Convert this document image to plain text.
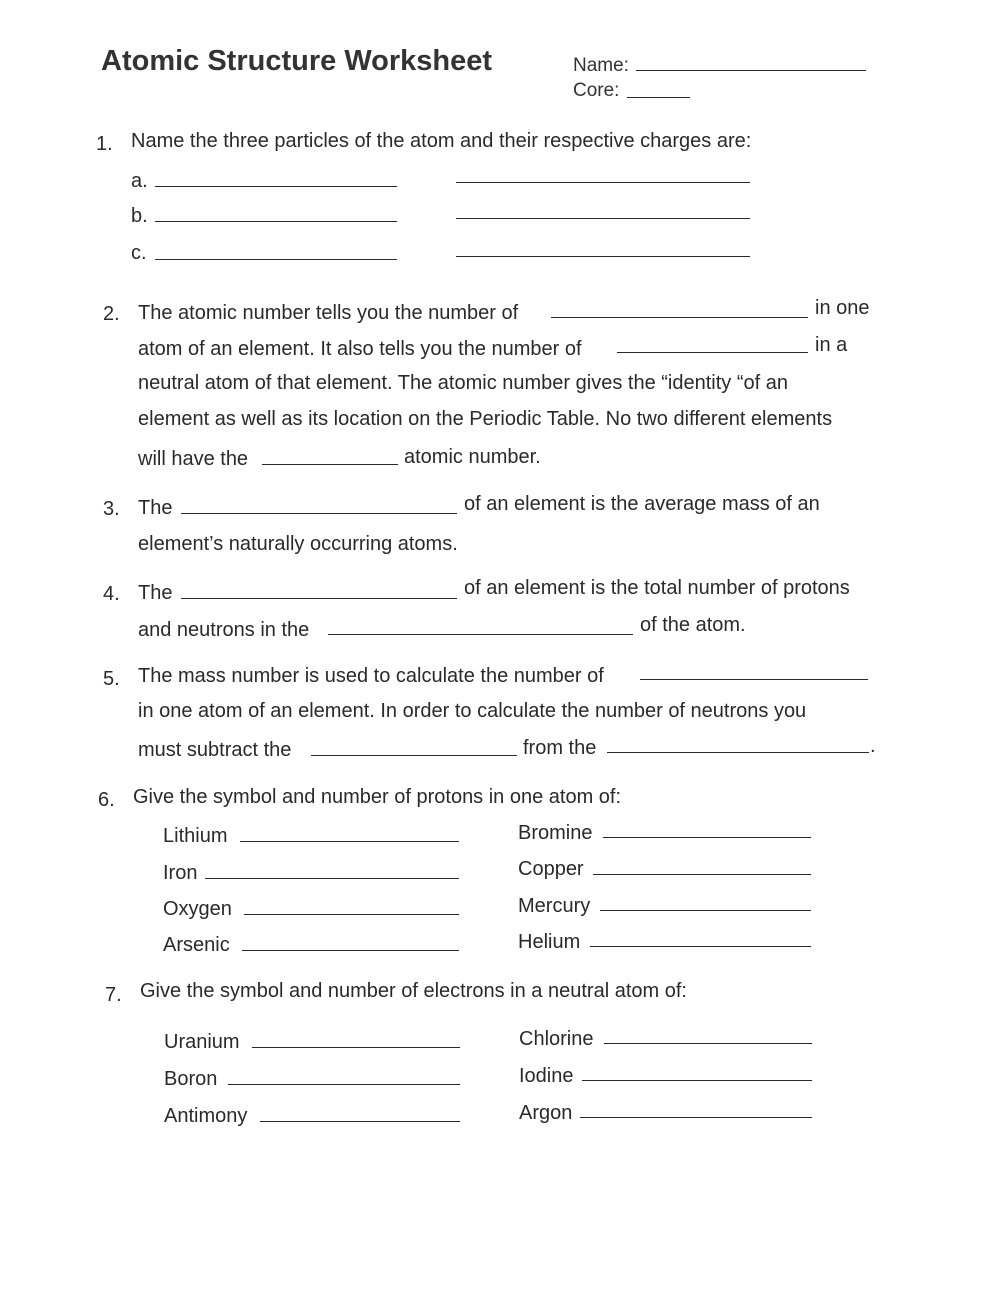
Atomic Structure Worksheet	Name:
Core:
1. Name the three particles of the atom and their respective charges are:
a.
b.
c.
2. The atomic number tells you the number of	in one
atom of an element. It also tells you the number of	in a
neutral atom of that element. The atomic number gives the “identity “of an
element as well as its location on the Periodic Table. No two different elements
will have the	atomic number.
3. The	of an element is the average mass of an
element’s naturally occurring atoms.
4. The	of an element is the total number of protons
and neutrons in the	of the atom.
5. The mass number is used to calculate the number of
in one atom of an element. In order to calculate the number of neutrons you
must subtract the	from the	.
6. Give the symbol and number of protons in one atom of:
Lithium	Bromine
Iron	Copper
Oxygen	Mercury
Arsenic	Helium
7. Give the symbol and number of electrons in a neutral atom of:
Uranium	Chlorine
Boron	Iodine
Antimony	Argon
